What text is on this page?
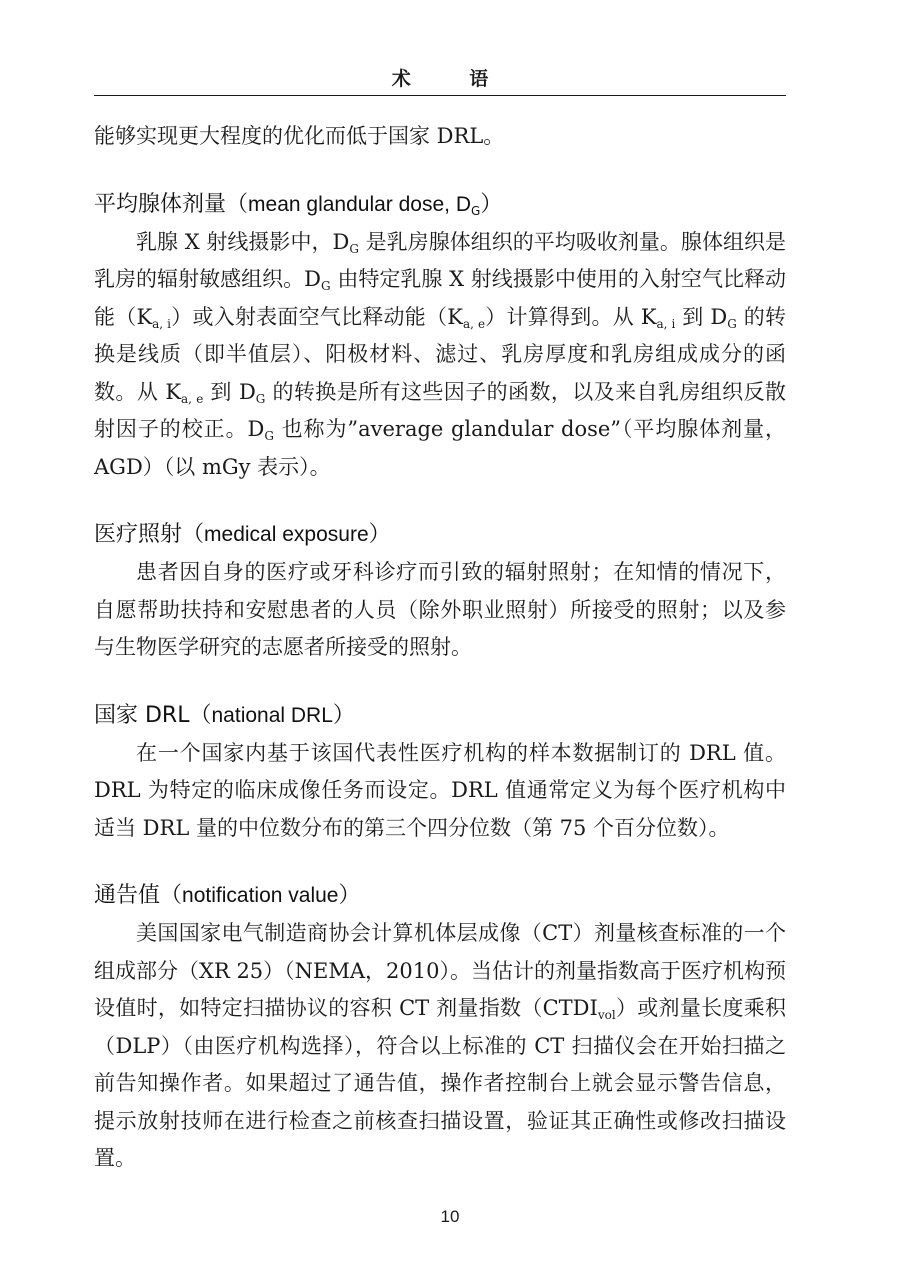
术 语

能够实现更大程度的优化而低于国家 DRL。

平均腺体剂量（mean glandular dose, $D_G$）

乳腺 X 射线摄影中，$D_G$ 是乳房腺体组织的平均吸收剂量。腺体组织是乳房的辐射敏感组织。$D_G$ 由特定乳腺 X 射线摄影中使用的入射空气比释动能$(K_{a, i})$或入射表面空气比释动能$(K_{a, e})$计算得到。从 $K_{a, i}$ 到 $D_G$ 的转换是线质（即半值层）、阳极材料、滤过、乳房厚度和乳房组成成分的函数。从 $K_{a, e}$ 到 $D_G$ 的转换是所有这些因子的函数，以及来自乳房组织反散射因子的校正。$D_G$ 也称为”average glandular dose”（平均腺体剂量，AGD）（以 mGy 表示）。

医疗照射（medical exposure）

患者因自身的医疗或牙科诊疗而引致的辐射照射；在知情的情况下，自愿帮助扶持和安慰患者的人员（除外职业照射）所接受的照射；以及参与生物医学研究的志愿者所接受的照射。

国家 DRL（national DRL）

在一个国家内基于该国代表性医疗机构的样本数据制订的 DRL 值。DRL 为特定的临床成像任务而设定。DRL 值通常定义为每个医疗机构中适当 DRL 量的中位数分布的第三个四分位数（第 75 个百分位数）。

通告值（notification value）

美国国家电气制造商协会计算机体层成像（CT）剂量核查标准的一个组成部分（XR 25）（NEMA，2010）。当估计的剂量指数高于医疗机构预设值时，如特定扫描协议的容积 CT 剂量指数$(CTDI_{vol})$或剂量长度乘积（DLP）（由医疗机构选择），符合以上标准的 CT 扫描仪会在开始扫描之前告知操作者。如果超过了通告值，操作者控制台上就会显示警告信息，提示放射技师在进行检查之前核查扫描设置，验证其正确性或修改扫描设置。

10
